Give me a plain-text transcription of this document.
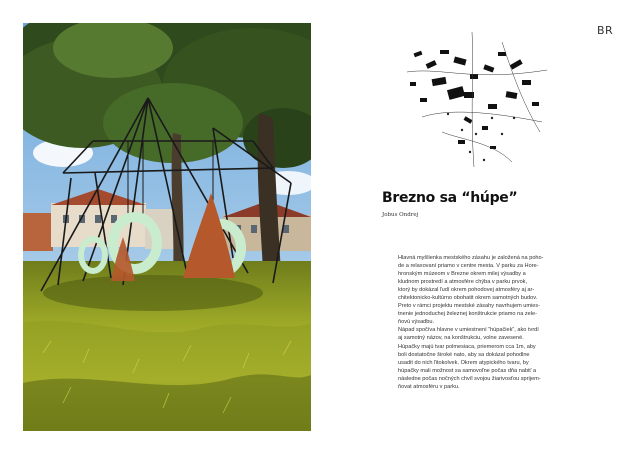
BR
Brezno sa “húpe”
Jobus Ondrej

Hlavná myšlienka mestského zásahu je založená na poho-
de a relaxovaní priamo v centre mesta. V parku za Hore-
hronským múzeom v Brezne okrem milej výsadby a
kludnom prostredí a atmosfére chýba v parku prvok,
ktorý by dokázal ľudí okrem pohodovej atmosféry aj ar-
chitektonicko-kultúrno obohatit okrem samotných budov.
Preto v rámci projektu mestské zásahy navrhujem umies-
tnenie jednoduchej železnej konštrukcie priamo na zele-
ňovú výsadbu.

Nápad spočíva hlavne v umiestnení “húpačiek”, ako tvrdí
aj samotný názov, na konštrukciu, volne zavesené.
Húpačky majú tvar polmesiaca, priemerom cca 1m, aby
boli dostatočne široké nato, aby sa dokázal pohodlne
usadit do nich ľitokolvek. Okrem atypického tvaru, by
húpačky mali možnost sa samovoľne počas dňa nabiť a
následne počas nočných chvíl svojou žiarivosťou sprijem-
ňovat atmosféru v parku.
